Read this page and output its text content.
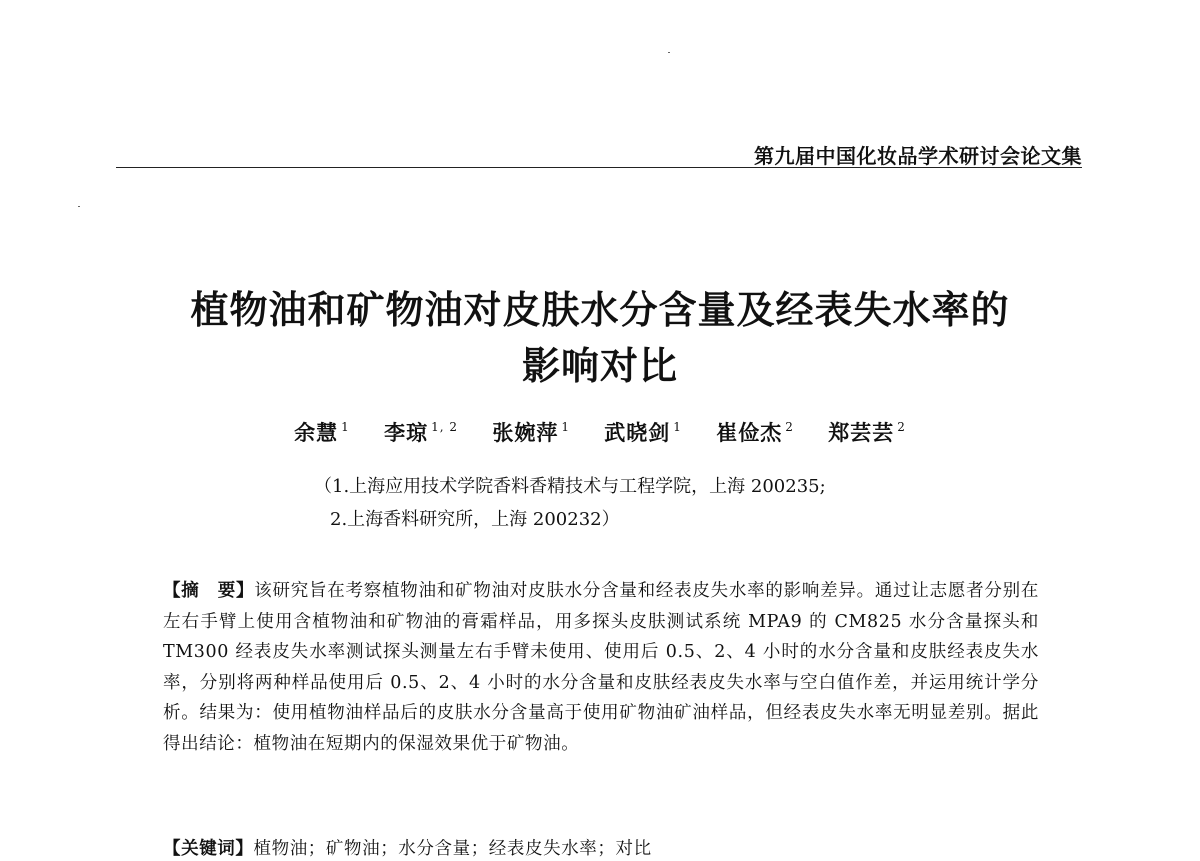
第九届中国化妆品学术研讨会论文集
植物油和矿物油对皮肤水分含量及经表失水率的
影响对比
余慧 $^1$ 李琼 $^{1, 2}$ 张婉萍 $^1$ 武晓剑 $^1$ 崔俭杰 $^2$ 郑芸芸 $^2$
（1.上海应用技术学院香料香精技术与工程学院，上海 200235;
2.上海香料研究所，上海 200232）
【摘　要】该研究旨在考察植物油和矿物油对皮肤水分含量和经表皮失水率的影响差异。通过让志愿者分别在左右手臂上使用含植物油和矿物油的膏霜样品，用多探头皮肤测试系统 MPA9 的 CM825 水分含量探头和 TM300 经表皮失水率测试探头测量左右手臂未使用、使用后 0.5、2、4 小时的水分含量和皮肤经表皮失水率，分别将两种样品使用后 0.5、2、4 小时的水分含量和皮肤经表皮失水率与空白值作差，并运用统计学分析。结果为：使用植物油样品后的皮肤水分含量高于使用矿物油矿油样品，但经表皮失水率无明显差别。据此得出结论：植物油在短期内的保湿效果优于矿物油。
【关键词】植物油；矿物油；水分含量；经表皮失水率；对比
